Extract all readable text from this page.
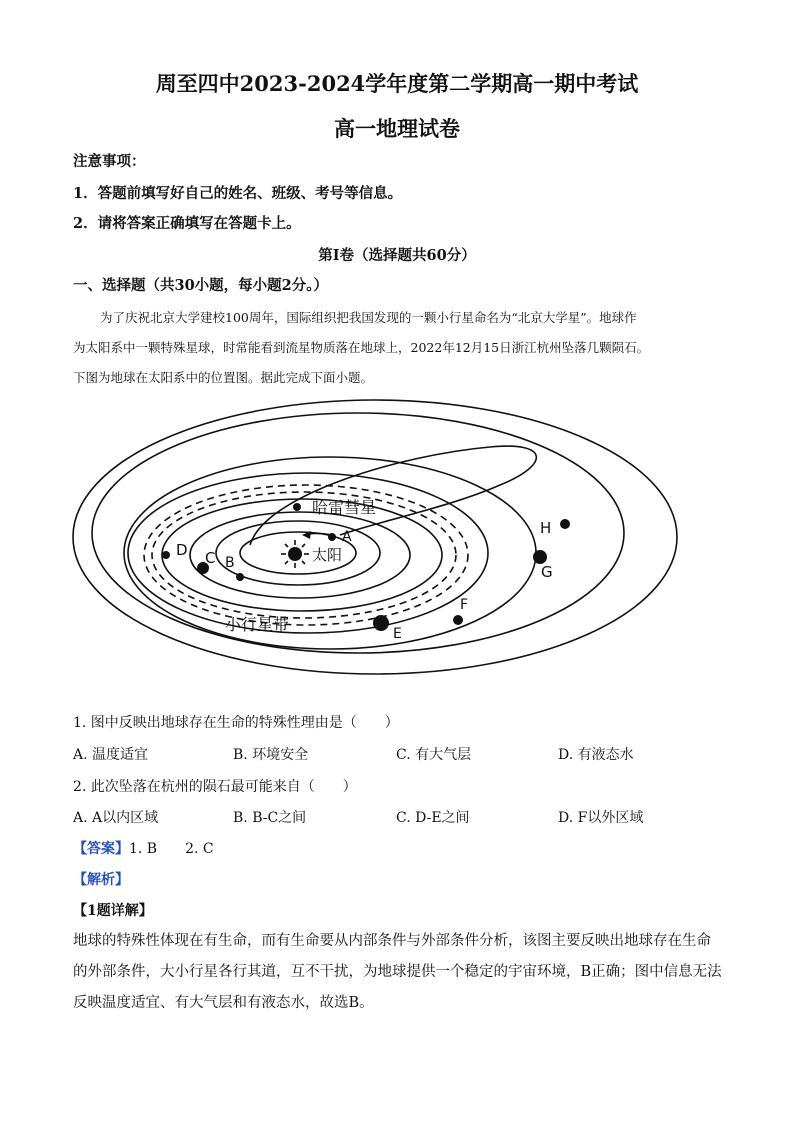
周至四中2023-2024学年度第二学期高一期中考试
高一地理试卷
注意事项：
1．答题前填写好自己的姓名、班级、考号等信息。
2．请将答案正确填写在答题卡上。
第Ⅰ卷（选择题共60分）
一、选择题（共30小题，每小题2分。）
为了庆祝北京大学建校100周年，国际组织把我国发现的一颗小行星命名为“北京大学星”。地球作
为太阳系中一颗特殊星球，时常能看到流星物质落在地球上，2022年12月15日浙江杭州坠落几颗陨石。
下图为地球在太阳系中的位置图。据此完成下面小题。
太阳
A
B
C
D
E
F
G
H
哈雷彗星
小行星带
1. 图中反映出地球存在生命的特殊性理由是（　　）
A. 温度适宜	B. 环境安全	C. 有大气层	D. 有液态水
2. 此次坠落在杭州的陨石最可能来自（　　）
A. A以内区域	B. B-C之间	C. D-E之间	D. F以外区域
【答案】1. B　　2. C
【解析】
【1题详解】
地球的特殊性体现在有生命，而有生命要从内部条件与外部条件分析，该图主要反映出地球存在生命的外部条件，大小行星各行其道，互不干扰，为地球提供一个稳定的宇宙环境，B正确；图中信息无法反映温度适宜、有大气层和有液态水，故选B。
